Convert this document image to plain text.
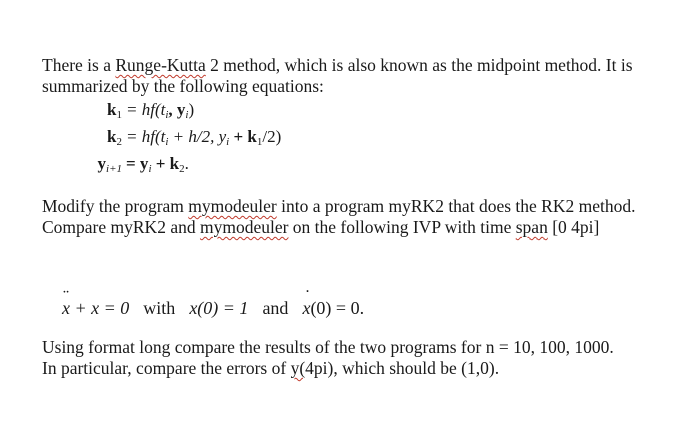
There is a Runge-Kutta 2 method, which is also known as the midpoint method. It is summarized by the following equations:

$k_1 = hf(t_i$, $y_i$)
$k_2 = hf(t_i + h/2$, $y_i + k_1/2$)
$y_{i+1} = y_i + k_2$.

Modify the program mymodeuler into a program myRK2 that does the RK2 method. Compare myRK2 and mymodeuler on the following IVP with time span [0 4pi]

¨ x + x = 0 with x(0) = 1 and˙ x(0) = 0.

Using format long compare the results of the two programs for n = 10, 100, 1000.
In particular, compare the errors of y(4pi), which should be (1,0).
